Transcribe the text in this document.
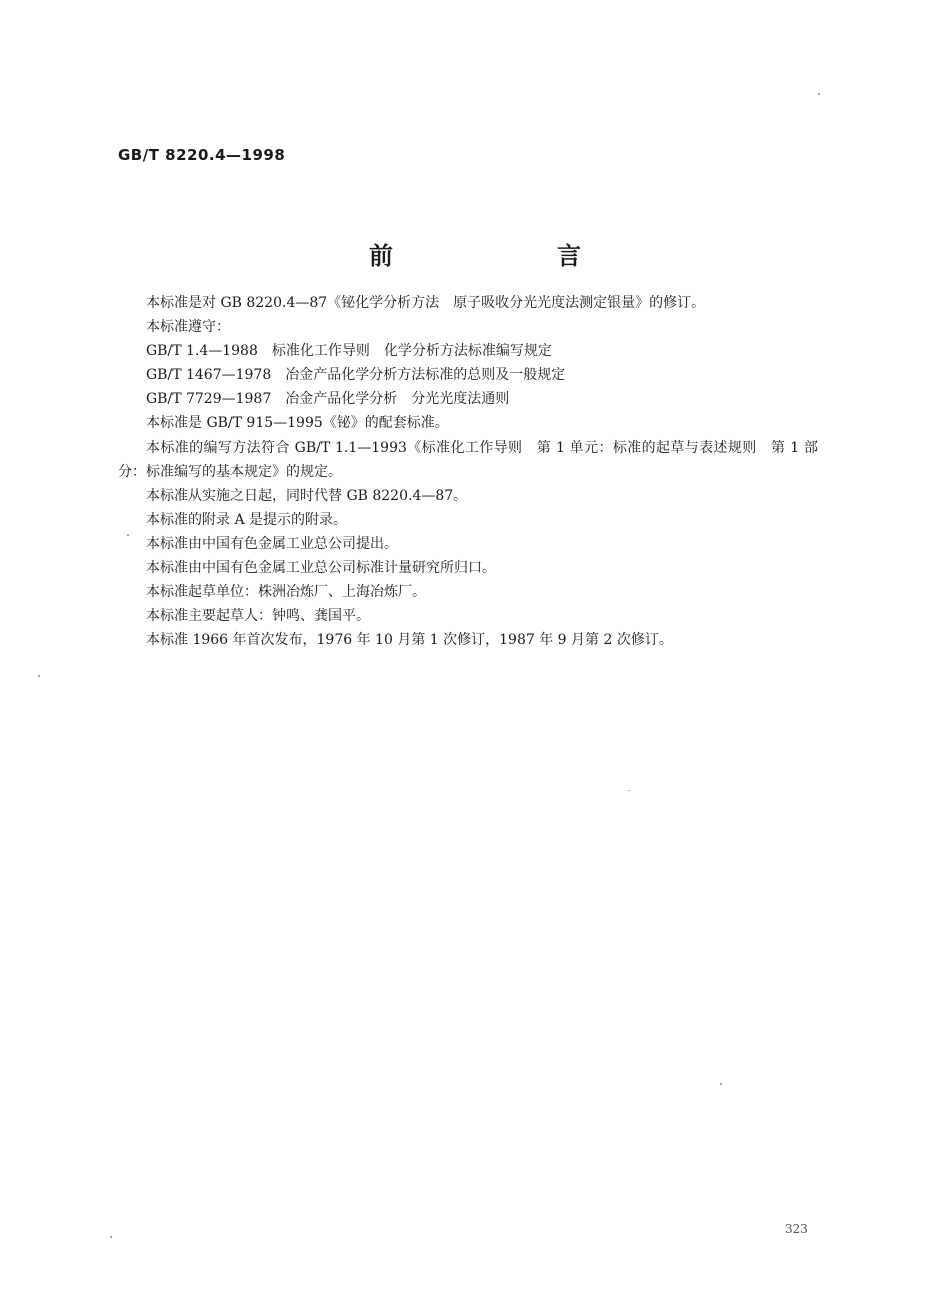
GB/T 8220.4—1998
前　言

本标准是对 GB 8220.4—87《铋化学分析方法　原子吸收分光光度法测定银量》的修订。

本标准遵守：

GB/T 1.4—1988　标准化工作导则　化学分析方法标准编写规定

GB/T 1467—1978　冶金产品化学分析方法标准的总则及一般规定

GB/T 7729—1987　冶金产品化学分析　分光光度法通则

本标准是 GB/T 915—1995《铋》的配套标准。

本标准的编写方法符合 GB/T 1.1—1993《标准化工作导则　第 1 单元：标准的起草与表述规则　第 1 部分：标准编写的基本规定》的规定。

本标准从实施之日起，同时代替 GB 8220.4—87。

本标准的附录 A 是提示的附录。

本标准由中国有色金属工业总公司提出。

本标准由中国有色金属工业总公司标准计量研究所归口。

本标准起草单位：株洲冶炼厂、上海冶炼厂。

本标准主要起草人：钟鸣、龚国平。

本标准 1966 年首次发布，1976 年 10 月第 1 次修订，1987 年 9 月第 2 次修订。

323
